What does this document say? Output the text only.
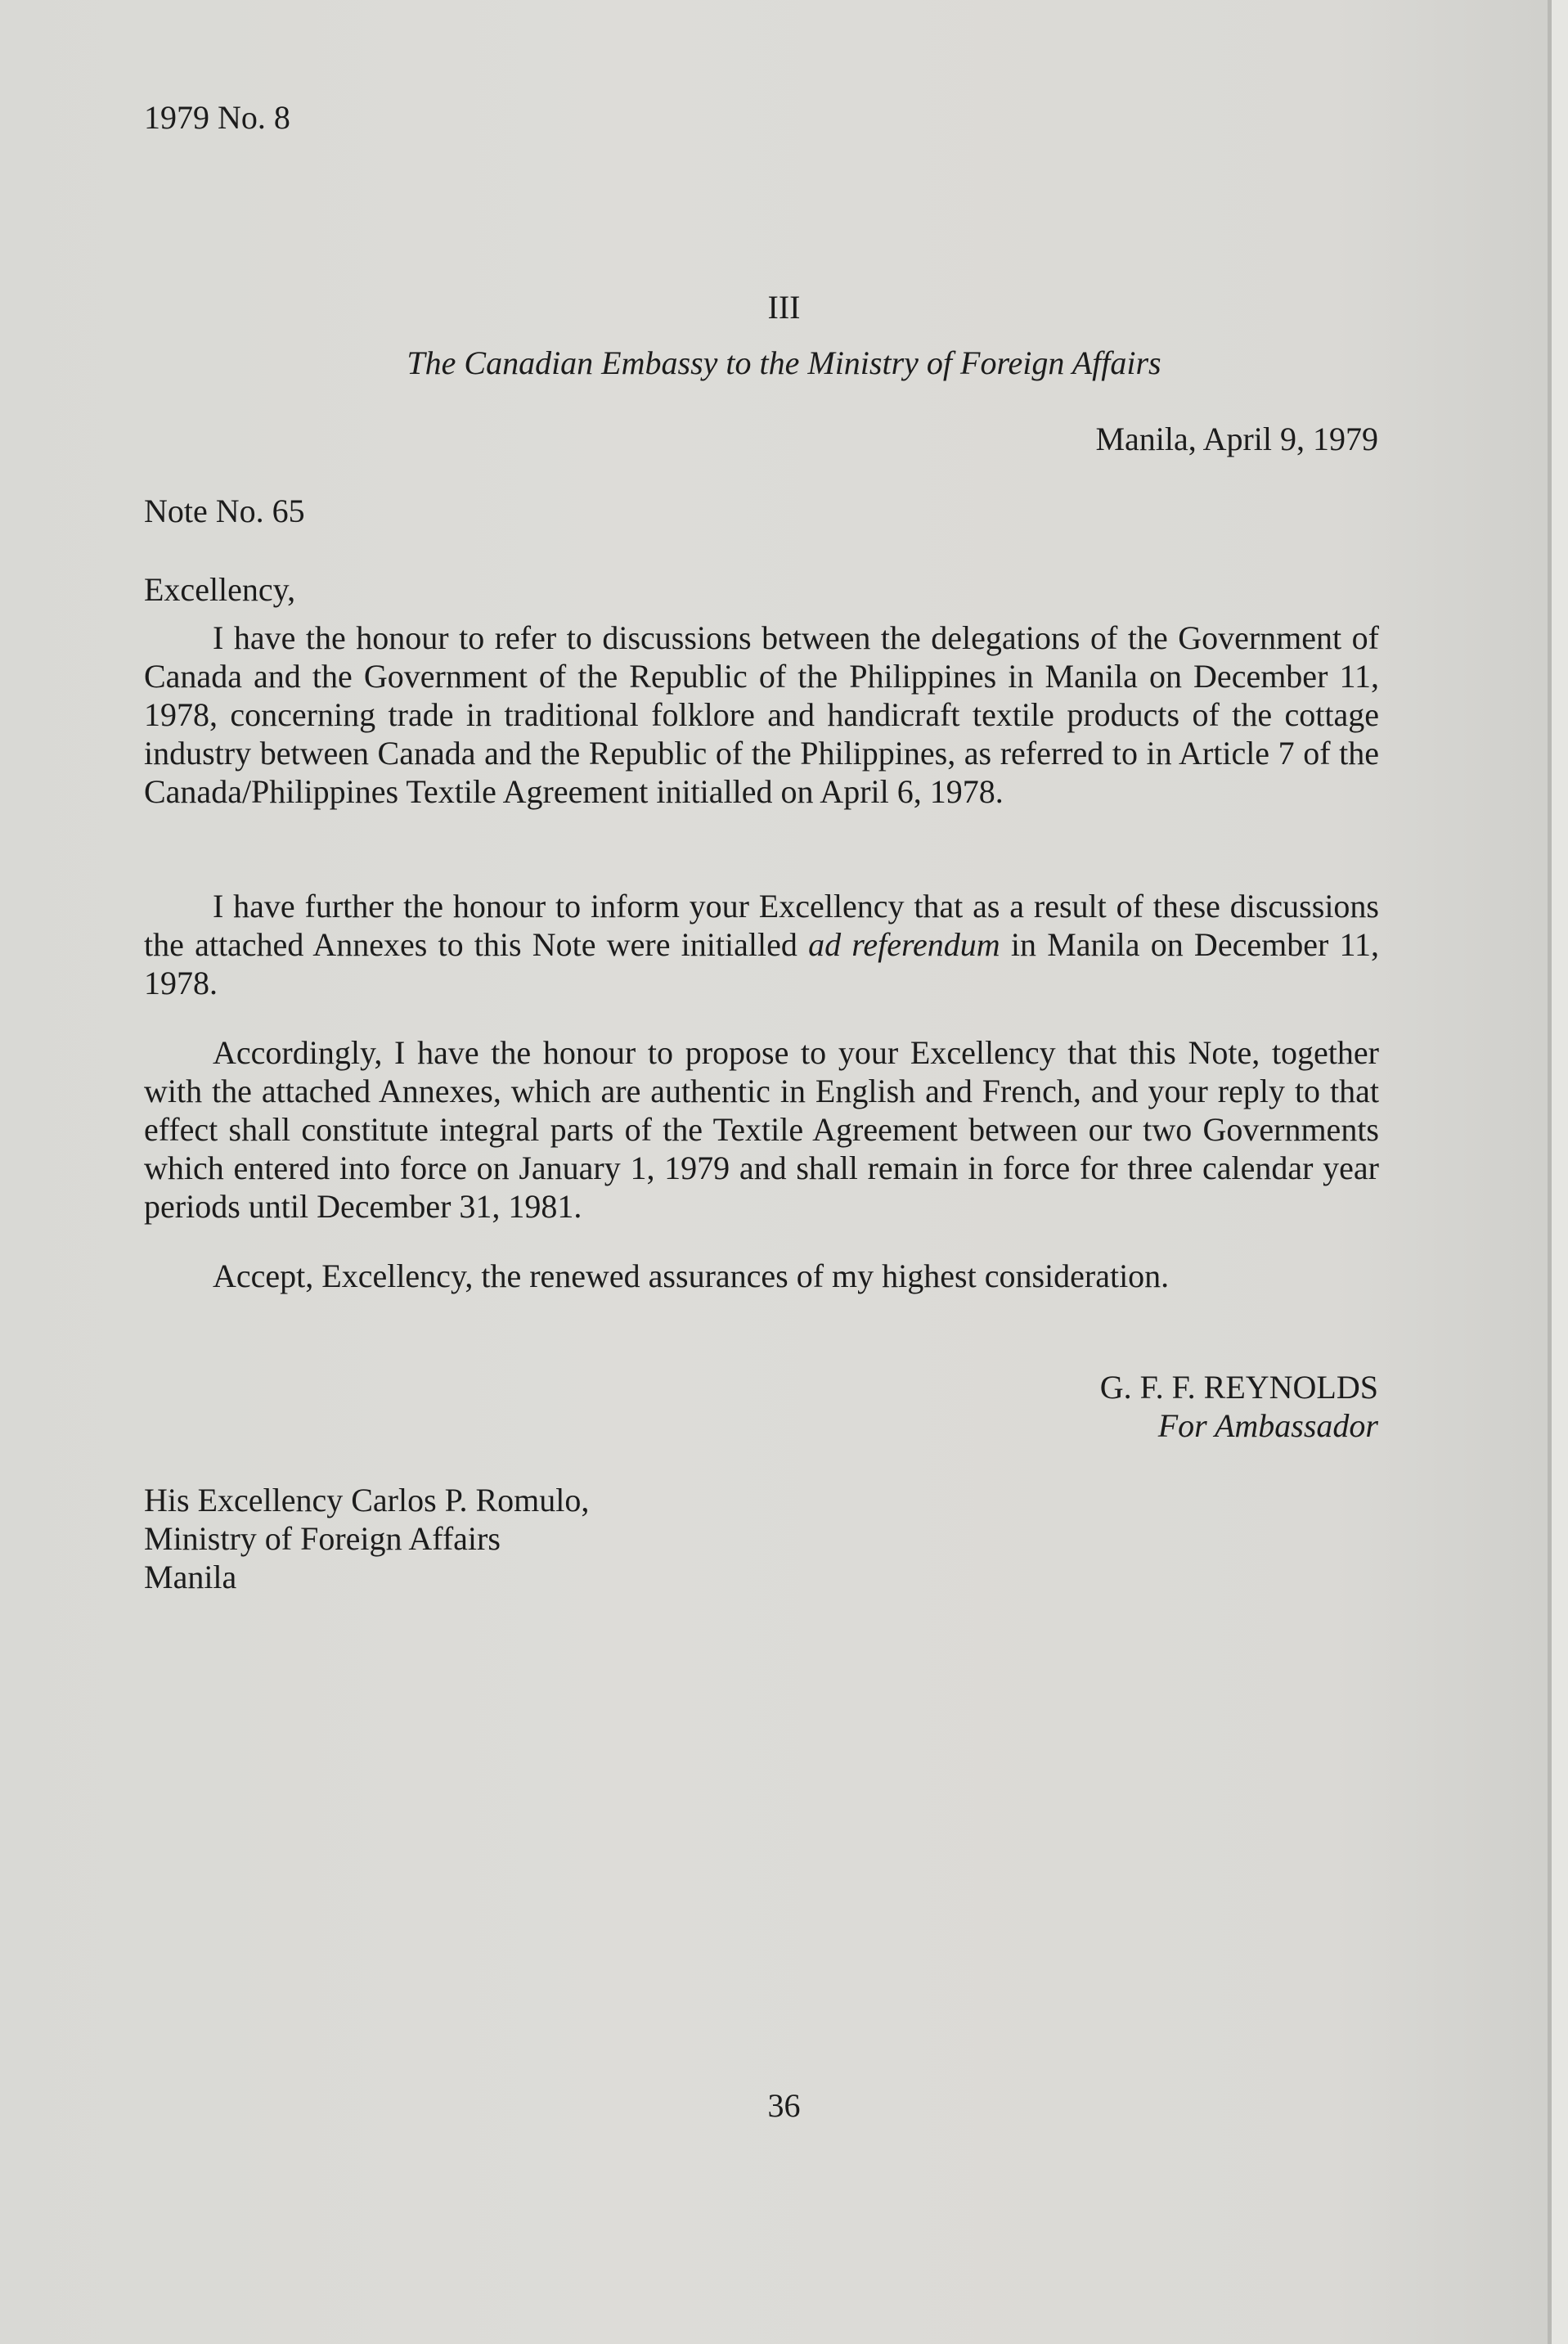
1979 No. 8
III
The Canadian Embassy to the Ministry of Foreign Affairs
Manila, April 9, 1979
Note No. 65
Excellency,

I have the honour to refer to discussions between the delegations of the Government of Canada and the Government of the Republic of the Philippines in Manila on December 11, 1978, concerning trade in traditional folklore and handicraft textile products of the cottage industry between Canada and the Republic of the Philippines, as referred to in Article 7 of the Canada/Philippines Textile Agreement initialled on April 6, 1978.

I have further the honour to inform your Excellency that as a result of these discussions the attached Annexes to this Note were initialled ad referendum in Manila on December 11, 1978.

Accordingly, I have the honour to propose to your Excellency that this Note, together with the attached Annexes, which are authentic in English and French, and your reply to that effect shall constitute integral parts of the Textile Agreement between our two Governments which entered into force on January 1, 1979 and shall remain in force for three calendar year periods until December 31, 1981.

Accept, Excellency, the renewed assurances of my highest consideration.

G. F. F. REYNOLDS
For Ambassador
His Excellency Carlos P. Romulo,
Ministry of Foreign Affairs
Manila
36
